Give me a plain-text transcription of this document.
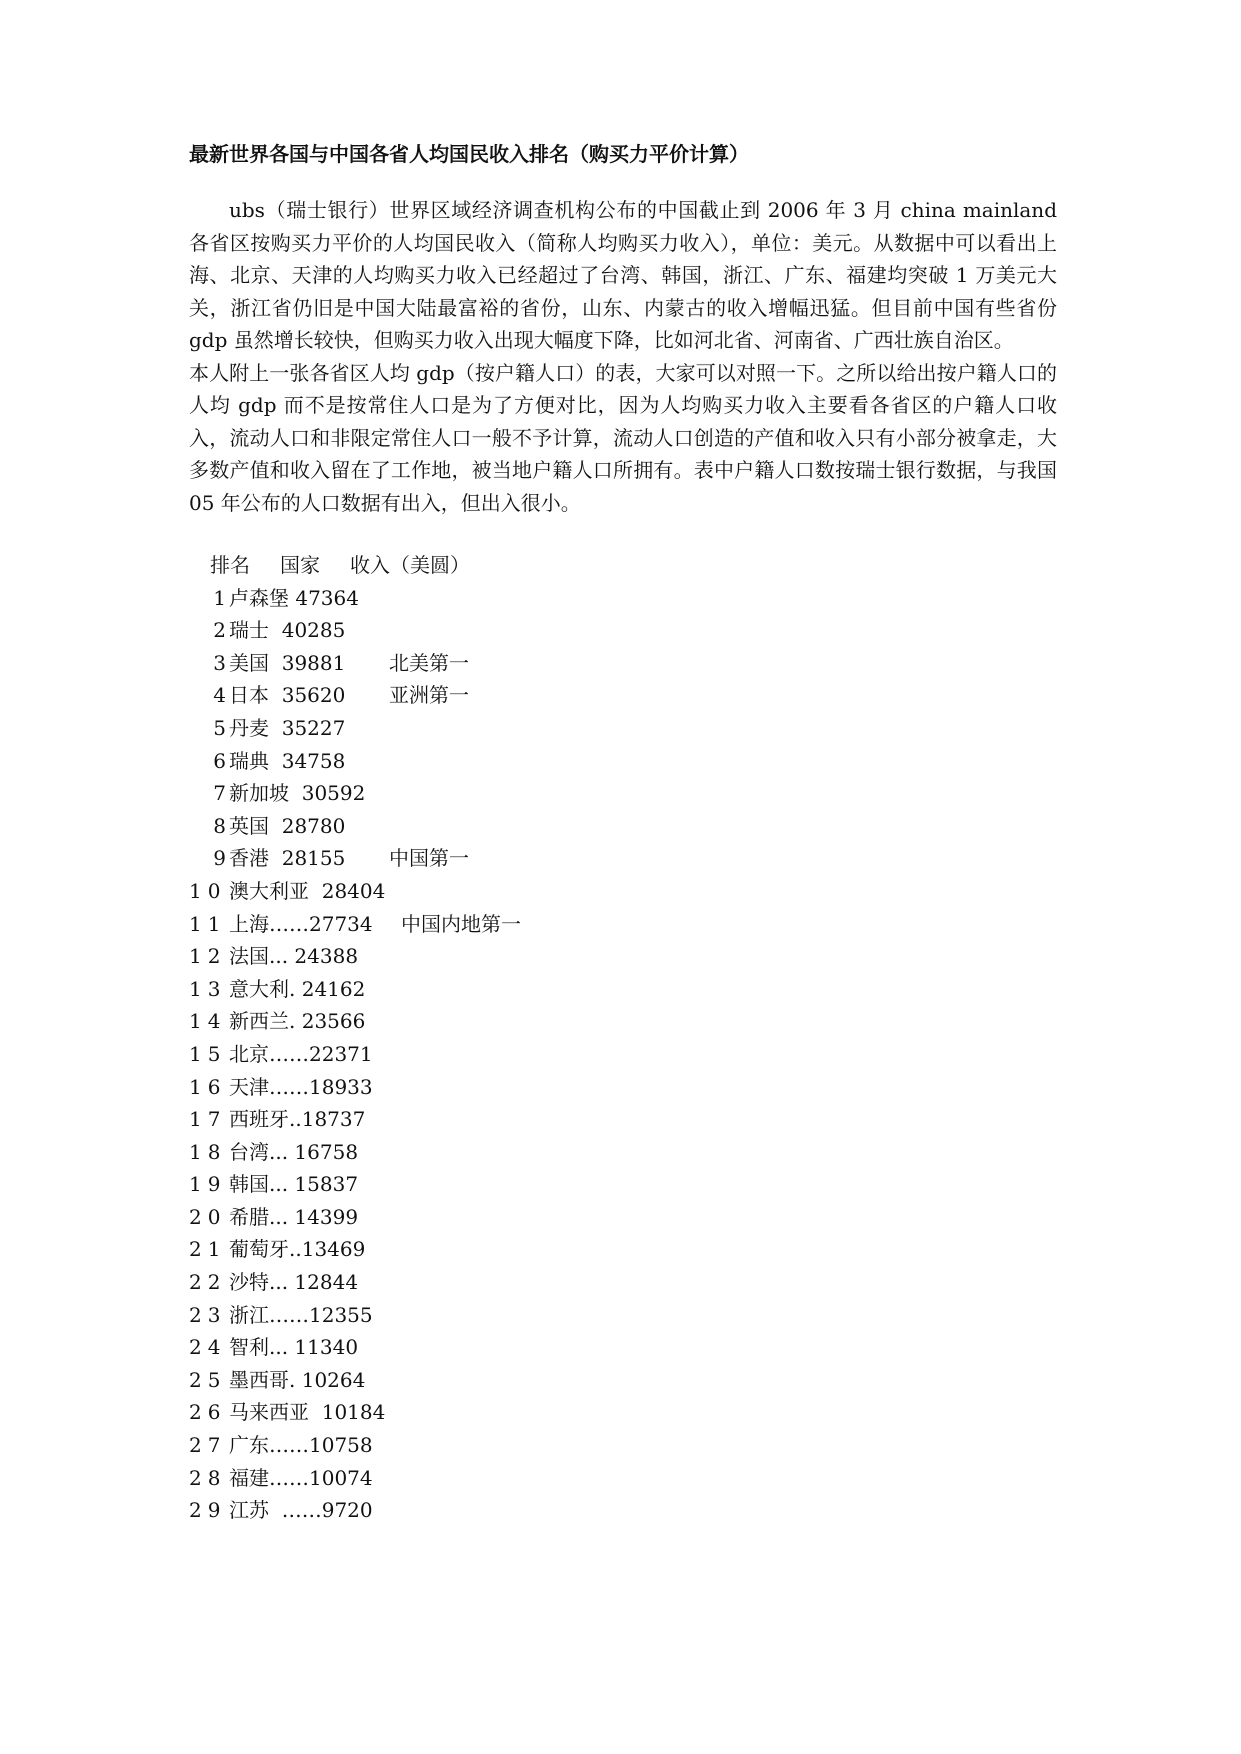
最新世界各国与中国各省人均国民收入排名（购买力平价计算）

ubs（瑞士银行）世界区域经济调查机构公布的中国截止到 2006 年 3 月 china mainland 各省区按购买力平价的人均国民收入（简称人均购买力收入），单位：美元。从数据中可以看出上海、北京、天津的人均购买力收入已经超过了台湾、韩国，浙江、广东、福建均突破 1 万美元大关，浙江省仍旧是中国大陆最富裕的省份，山东、内蒙古的收入增幅迅猛。但目前中国有些省份 gdp 虽然增长较快，但购买力收入出现大幅度下降，比如河北省、河南省、广西壮族自治区。

本人附上一张各省区人均 gdp（按户籍人口）的表，大家可以对照一下。之所以给出按户籍人口的人均 gdp 而不是按常住人口是为了方便对比，因为人均购买力收入主要看各省区的户籍人口收入，流动人口和非限定常住人口一般不予计算，流动人口创造的产值和收入只有小部分被拿走，大多数产值和收入留在了工作地，被当地户籍人口所拥有。表中户籍人口数按瑞士银行数据，与我国 05 年公布的人口数据有出入，但出入很小。

排名 国家 收入（美圆）
1 卢森堡 47364
2 瑞士  40285
3 美国  39881 北美第一
4 日本  35620 亚洲第一
5 丹麦  35227
6 瑞典  34758
7 新加坡  30592
8 英国  28780
9 香港  28155 中国第一
10 澳大利亚  28404
11 上海……27734 中国内地第一
12 法国... 24388
13 意大利. 24162
14 新西兰. 23566
15 北京……22371
16 天津……18933
17 西班牙..18737
18 台湾... 16758
19 韩国... 15837
20 希腊... 14399
21 葡萄牙..13469
22 沙特... 12844
23 浙江……12355
24 智利... 11340
25 墨西哥. 10264
26 马来西亚  10184
27 广东……10758
28 福建……10074
29 江苏  ……9720
